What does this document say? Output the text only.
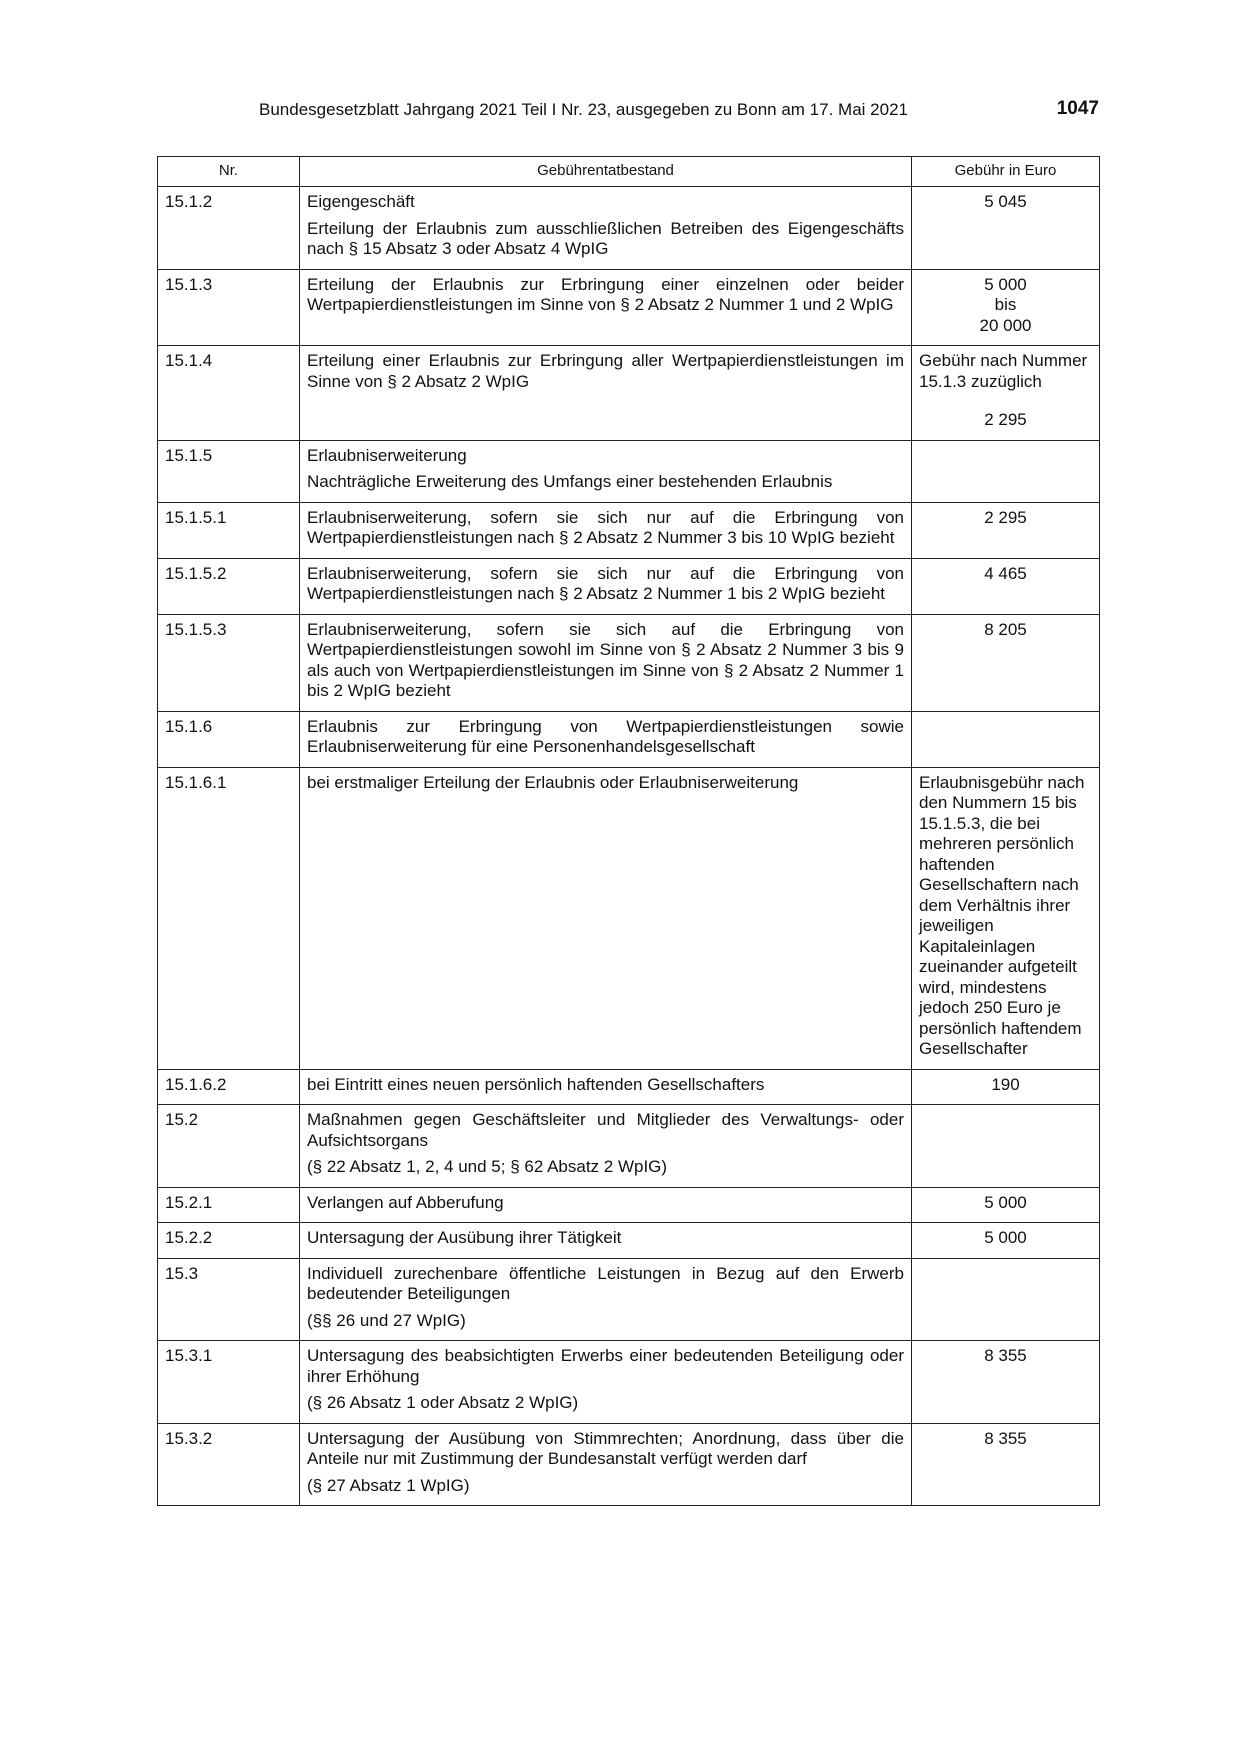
Bundesgesetzblatt Jahrgang 2021 Teil I Nr. 23, ausgegeben zu Bonn am 17. Mai 2021	1047
Nr.	Gebührentatbestand	Gebühr in Euro
15.1.2	Eigengeschäft
Erteilung der Erlaubnis zum ausschließlichen Betreiben des Eigengeschäfts nach § 15 Absatz 3 oder Absatz 4 WpIG	5 045
15.1.3	Erteilung der Erlaubnis zur Erbringung einer einzelnen oder beider Wertpapierdienstleistungen im Sinne von § 2 Absatz 2 Nummer 1 und 2 WpIG	5 000
bis
20 000

15.1.4	Erteilung einer Erlaubnis zur Erbringung aller Wertpapierdienstleistungen im Sinne von § 2 Absatz 2 WpIG	Gebühr nach Nummer 15.1.3 zuzüglich
2 295

15.1.5	Erlaubniserweiterung
Nachträgliche Erweiterung des Umfangs einer bestehenden Erlaubnis	

15.1.5.1	Erlaubniserweiterung, sofern sie sich nur auf die Erbringung von Wertpapierdienstleistungen nach § 2 Absatz 2 Nummer 3 bis 10 WpIG bezieht	2 295
15.1.5.2	Erlaubniserweiterung, sofern sie sich nur auf die Erbringung von Wertpapierdienstleistungen nach § 2 Absatz 2 Nummer 1 bis 2 WpIG bezieht	4 465
15.1.5.3	Erlaubniserweiterung, sofern sie sich auf die Erbringung von Wertpapierdienstleistungen sowohl im Sinne von § 2 Absatz 2 Nummer 3 bis 9 als auch von Wertpapierdienstleistungen im Sinne von § 2 Absatz 2 Nummer 1 bis 2 WpIG bezieht	8 205
15.1.6	Erlaubnis zur Erbringung von Wertpapierdienstleistungen sowie Erlaubniserweiterung für eine Personenhandelsgesellschaft	
15.1.6.1	bei erstmaliger Erteilung der Erlaubnis oder Erlaubniserweiterung	Erlaubnisgebühr nach den Nummern 15 bis 15.1.5.3, die bei mehreren persönlich haftenden Gesellschaftern nach dem Verhältnis ihrer jeweiligen Kapitaleinlagen zueinander aufgeteilt wird, mindestens jedoch 250 Euro je persönlich haftendem Gesellschafter
15.1.6.2	bei Eintritt eines neuen persönlich haftenden Gesellschafters	190
15.2	Maßnahmen gegen Geschäftsleiter und Mitglieder des Verwaltungs- oder Aufsichtsorgans
(§ 22 Absatz 1, 2, 4 und 5; § 62 Absatz 2 WpIG)	

15.2.1	Verlangen auf Abberufung	5 000
15.2.2	Untersagung der Ausübung ihrer Tätigkeit	5 000
15.3	Individuell zurechenbare öffentliche Leistungen in Bezug auf den Erwerb bedeutender Beteiligungen
(§§ 26 und 27 WpIG)	

15.3.1	Untersagung des beabsichtigten Erwerbs einer bedeutenden Beteiligung oder ihrer Erhöhung
(§ 26 Absatz 1 oder Absatz 2 WpIG)	8 355
15.3.2	Untersagung der Ausübung von Stimmrechten; Anordnung, dass über die Anteile nur mit Zustimmung der Bundesanstalt verfügt werden darf
(§ 27 Absatz 1 WpIG)	8 355
